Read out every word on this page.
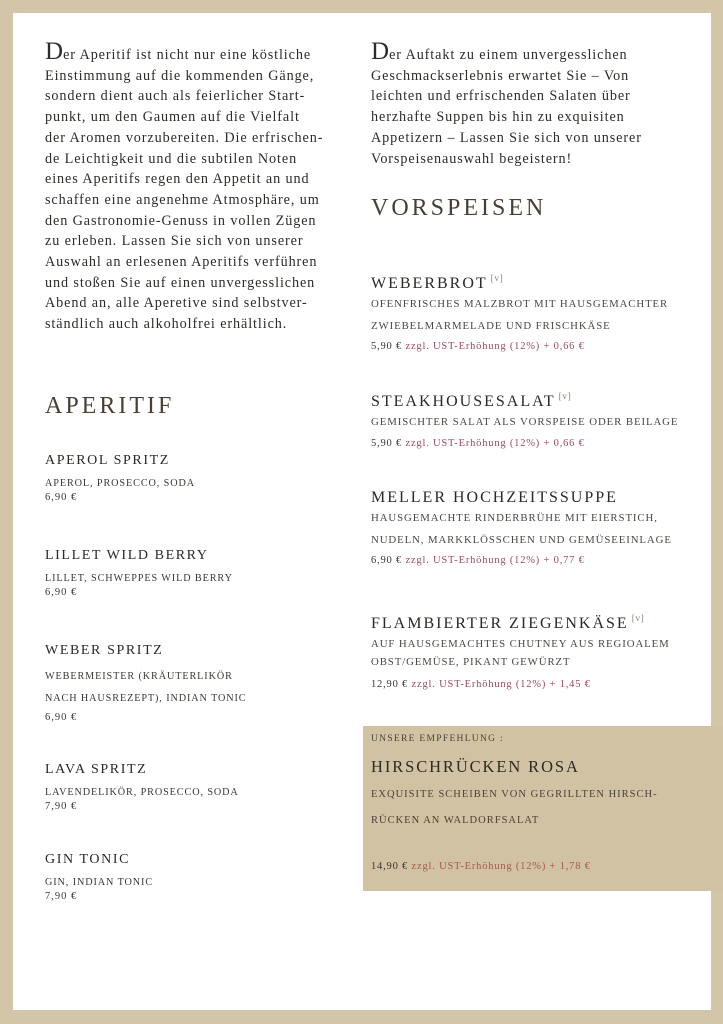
Der Aperitif ist nicht nur eine köstliche
Einstimmung auf die kommenden Gänge,
sondern dient auch als feierlicher Start-
punkt, um den Gaumen auf die Vielfalt
der Aromen vorzubereiten. Die erfrischen-
de Leichtigkeit und die subtilen Noten
eines Aperitifs regen den Appetit an und
schaffen eine angenehme Atmosphäre, um
den Gastronomie-Genuss in vollen Zügen
zu erleben. Lassen Sie sich von unserer
Auswahl an erlesenen Aperitifs verführen
und stoßen Sie auf einen unvergesslichen
Abend an, alle Aperetive sind selbstver-
ständlich auch alkoholfrei erhältlich.

APERITIF

APEROL SPRITZ

APEROL, PROSECCO, SODA

6,90 €

LILLET WILD BERRY

LILLET, SCHWEPPES WILD BERRY

6,90 €

WEBER SPRITZ

WEBERMEISTER (KRÄUTERLIKÖR

NACH HAUSREZEPT), INDIAN TONIC

6,90 €

LAVA SPRITZ

LAVENDELIKÖR, PROSECCO, SODA

7,90 €

GIN TONIC

GIN, INDIAN TONIC

7,90 €

Der Auftakt zu einem unvergesslichen
Geschmackserlebnis erwartet Sie – Von
leichten und erfrischenden Salaten über
herzhafte Suppen bis hin zu exquisiten
Appetizern – Lassen Sie sich von unserer
Vorspeisenauswahl begeistern!

VORSPEISEN

WEBERBROT [v]

OFENFRISCHES MALZBROT MIT HAUSGEMACHTER

ZWIEBELMARMELADE UND FRISCHKÄSE

5,90 € zzgl. UST-Erhöhung (12%) + 0,66 €

STEAKHOUSESALAT [v]

GEMISCHTER SALAT ALS VORSPEISE ODER BEILAGE

5,90 € zzgl. UST-Erhöhung (12%) + 0,66 €

MELLER HOCHZEITSSUPPE

HAUSGEMACHTE RINDERBRÜHE MIT EIERSTICH,

NUDELN, MARKKLÖSSCHEN UND GEMÜSEEINLAGE

6,90 € zzgl. UST-Erhöhung (12%) + 0,77 €

FLAMBIERTER ZIEGENKÄSE [v]

AUF HAUSGEMACHTES CHUTNEY AUS REGIOALEM

OBST/GEMÜSE, PIKANT GEWÜRZT

12,90 € zzgl. UST-Erhöhung (12%) + 1,45 €

UNSERE EMPFEHLUNG :
HIRSCHRÜCKEN ROSA
EXQUISITE SCHEIBEN VON GEGRILLTEN HIRSCH-
RÜCKEN AN WALDORFSALAT
14,90 € zzgl. UST-Erhöhung (12%) + 1,78 €
